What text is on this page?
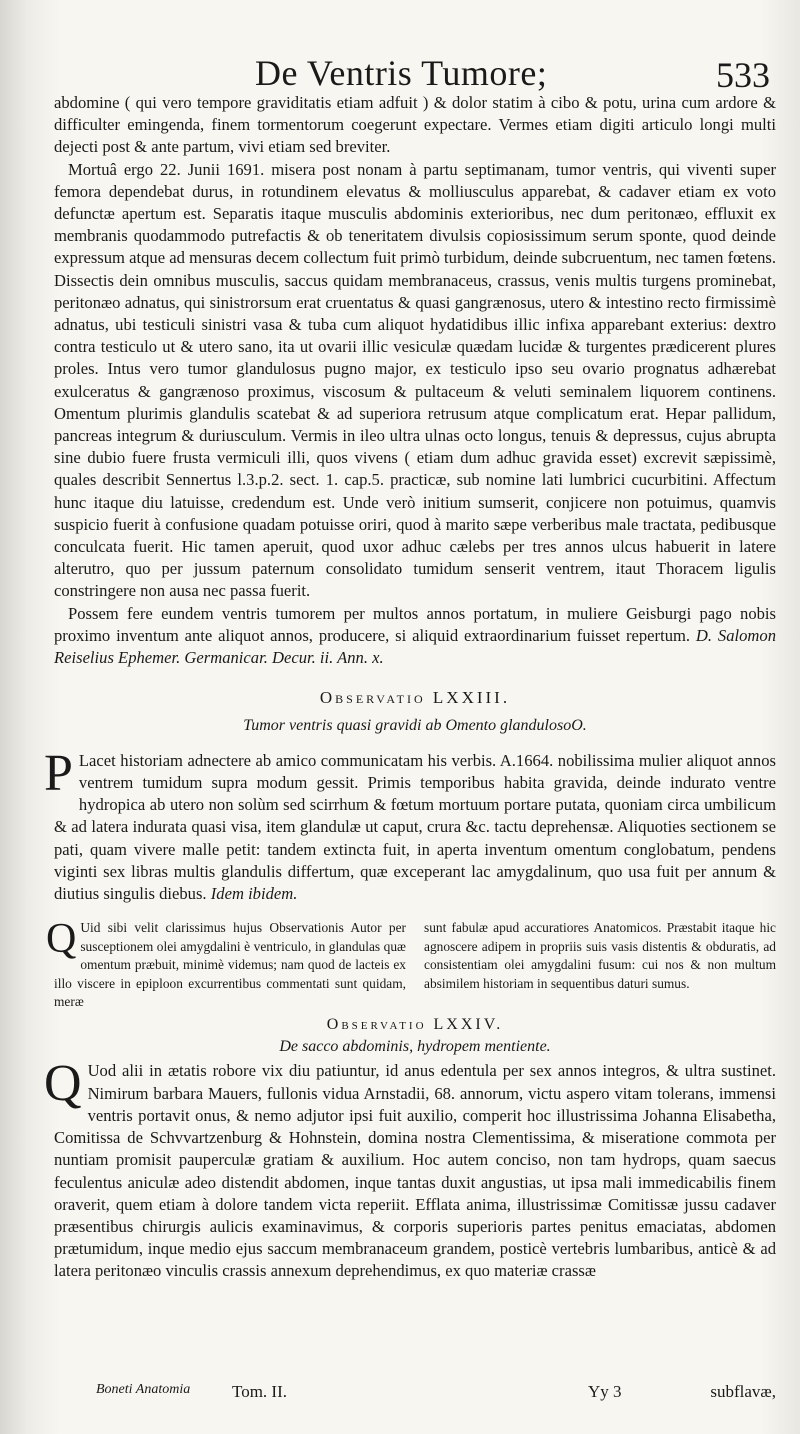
De Ventris Tumore;	533

abdomine ( qui vero tempore graviditatis etiam adfuit ) & dolor statim à cibo & potu, urina cum ardore & difficulter emingenda, finem tormentorum coegerunt expectare. Vermes etiam digiti articulo longi multi dejecti post & ante partum, vivi etiam sed breviter.

Mortuâ ergo 22. Junii 1691. misera post nonam à partu septimanam, tumor ventris, qui viventi super femora dependebat durus, in rotundinem elevatus & molliusculus apparebat, & cadaver etiam ex voto defunctæ apertum est. Separatis itaque musculis abdominis exterioribus, nec dum peritonæo, effluxit ex membranis quodammodo putrefactis & ob teneritatem divulsis copiosissimum serum sponte, quod deinde expressum atque ad mensuras decem collectum fuit primò turbidum, deinde subcruentum, nec tamen fœtens. Dissectis dein omnibus musculis, saccus quidam membranaceus, crassus, venis multis turgens prominebat, peritonæo adnatus, qui sinistrorsum erat cruentatus & quasi gangrænosus, utero & intestino recto firmissimè adnatus, ubi testiculi sinistri vasa & tuba cum aliquot hydatidibus illic infixa apparebant exterius: dextro contra testiculo ut & utero sano, ita ut ovarii illic vesiculæ quædam lucidæ & turgentes prædicerent plures proles. Intus vero tumor glandulosus pugno major, ex testiculo ipso seu ovario prognatus adhærebat exulceratus & gangrænoso proximus, viscosum & pultaceum & veluti seminalem liquorem continens. Omentum plurimis glandulis scatebat & ad superiora retrusum atque complicatum erat. Hepar pallidum, pancreas integrum & duriusculum. Vermis in ileo ultra ulnas octo longus, tenuis & depressus, cujus abrupta sine dubio fuere frusta vermiculi illi, quos vivens ( etiam dum adhuc gravida esset) excrevit sæpissimè, quales describit Sennertus l.3.p.2. sect. 1. cap.5. practicæ, sub nomine lati lumbrici cucurbitini. Affectum hunc itaque diu latuisse, credendum est. Unde verò initium sumserit, conjicere non potuimus, quamvis suspicio fuerit à confusione quadam potuisse oriri, quod à marito sæpe verberibus male tractata, pedibusque conculcata fuerit. Hic tamen aperuit, quod uxor adhuc cælebs per tres annos ulcus habuerit in latere alterutro, quo per jussum paternum consolidato tumidum senserit ventrem, itaut Thoracem ligulis constringere non ausa nec passa fuerit.

Possem fere eundem ventris tumorem per multos annos portatum, in muliere Geisburgi pago nobis proximo inventum ante aliquot annos, producere, si aliquid extraordinarium fuisset repertum. D. Salomon Reiselius Ephemer. Germanicar. Decur. ii. Ann. x.

Observatio LXXIII.
Tumor ventris quasi gravidi ab Omento glandulosoO.

P Lacet historiam adnectere ab amico communicatam his verbis. A.1664. nobilissima mulier aliquot annos ventrem tumidum supra modum gessit. Primis temporibus habita gravida, deinde indurato ventre hydropica ab utero non solùm sed scirrhum & fœtum mortuum portare putata, quoniam circa umbilicum & ad latera indurata quasi visa, item glandulæ ut caput, crura &c. tactu deprehensæ. Aliquoties sectionem se pati, quam vivere malle petit: tandem extincta fuit, in aperta inventum omentum conglobatum, pendens viginti sex libras multis glandulis differtum, quæ exceperant lac amygdalinum, quo usa fuit per annum & diutius singulis diebus. Idem ibidem.

Q Uid sibi velit clarissimus hujus Observationis Autor per susceptionem olei amygdalini è ventriculo, in glandulas quæ omentum præbuit, minimè videmus; nam quod de lacteis ex illo viscere in epiploon excurrentibus commentati sunt quidam, meræ
sunt fabulæ apud accuratiores Anatomicos. Præstabit itaque hic agnoscere adipem in propriis suis vasis distentis & obduratis, ad consistentiam olei amygdalini fusum: cui nos & non multum absimilem historiam in sequentibus daturi sumus.
Observatio LXXIV.
De sacco abdominis, hydropem mentiente.

Q Uod alii in ætatis robore vix diu patiuntur, id anus edentula per sex annos integros, & ultra sustinet. Nimirum barbara Mauers, fullonis vidua Arnstadii, 68. annorum, victu aspero vitam tolerans, immensi ventris portavit onus, & nemo adjutor ipsi fuit auxilio, comperit hoc illustrissima Johanna Elisabetha, Comitissa de Schvvartzenburg & Hohnstein, domina nostra Clementissima, & miseratione commota per nuntiam promisit pauperculæ gratiam & auxilium. Hoc autem conciso, non tam hydrops, quam saecus feculentus aniculæ adeo distendit abdomen, inque tantas duxit angustias, ut ipsa mali immedicabilis finem oraverit, quem etiam à dolore tandem victa reperiit. Efflata anima, illustrissimæ Comitissæ jussu cadaver præsentibus chirurgis aulicis examinavimus, & corporis superioris partes penitus emaciatas, abdomen prætumidum, inque medio ejus saccum membranaceum grandem, posticè vertebris lumbaribus, anticè & ad latera peritonæo vinculis crassis annexum deprehendimus, ex quo materiæ crassæ

Boneti Anatomia Tom. II.	Yy 3	subflavæ,
